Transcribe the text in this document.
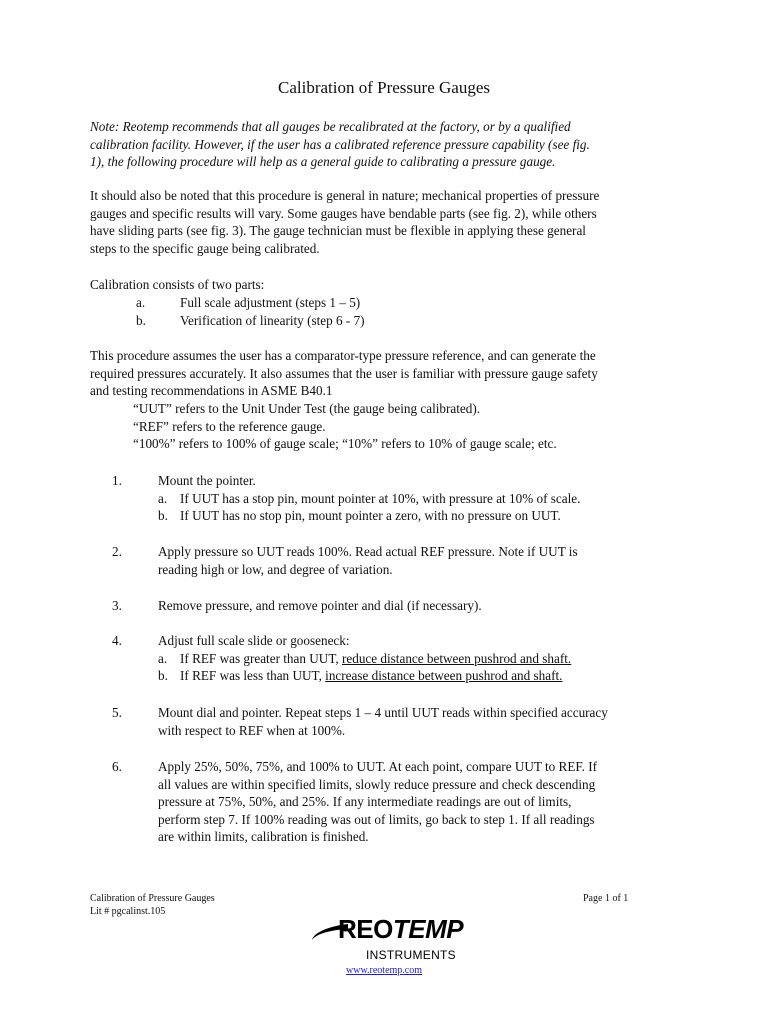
Calibration of Pressure Gauges
Note: Reotemp recommends that all gauges be recalibrated at the factory, or by a qualified
calibration facility. However, if the user has a calibrated reference pressure capability (see fig.
1), the following procedure will help as a general guide to calibrating a pressure gauge.
It should also be noted that this procedure is general in nature; mechanical properties of pressure
gauges and specific results will vary. Some gauges have bendable parts (see fig. 2), while others
have sliding parts (see fig. 3). The gauge technician must be flexible in applying these general
steps to the specific gauge being calibrated.
Calibration consists of two parts:
a.	Full scale adjustment (steps 1 – 5)
b.	Verification of linearity (step 6 - 7)
This procedure assumes the user has a comparator-type pressure reference, and can generate the
required pressures accurately. It also assumes that the user is familiar with pressure gauge safety
and testing recommendations in ASME B40.1
“UUT” refers to the Unit Under Test (the gauge being calibrated).
“REF” refers to the reference gauge.
“100%” refers to 100% of gauge scale; “10%” refers to 10% of gauge scale; etc.
1.	Mount the pointer.
a. If UUT has a stop pin, mount pointer at 10%, with pressure at 10% of scale.
b. If UUT has no stop pin, mount pointer a zero, with no pressure on UUT.
2.	Apply pressure so UUT reads 100%. Read actual REF pressure. Note if UUT is
reading high or low, and degree of variation.
3.	Remove pressure, and remove pointer and dial (if necessary).
4.	Adjust full scale slide or gooseneck:
a. If REF was greater than UUT, reduce distance between pushrod and shaft.
b. If REF was less than UUT, increase distance between pushrod and shaft.
5.	Mount dial and pointer. Repeat steps 1 – 4 until UUT reads within specified accuracy
with respect to REF when at 100%.
6.	Apply 25%, 50%, 75%, and 100% to UUT. At each point, compare UUT to REF. If
all values are within specified limits, slowly reduce pressure and check descending
pressure at 75%, 50%, and 25%. If any intermediate readings are out of limits,
perform step 7. If 100% reading was out of limits, go back to step 1. If all readings
are within limits, calibration is finished.
Calibration of Pressure Gauges
Lit # pgcalinst.105
Page 1 of 1
REOTEMP
INSTRUMENTS
www.reotemp.com
